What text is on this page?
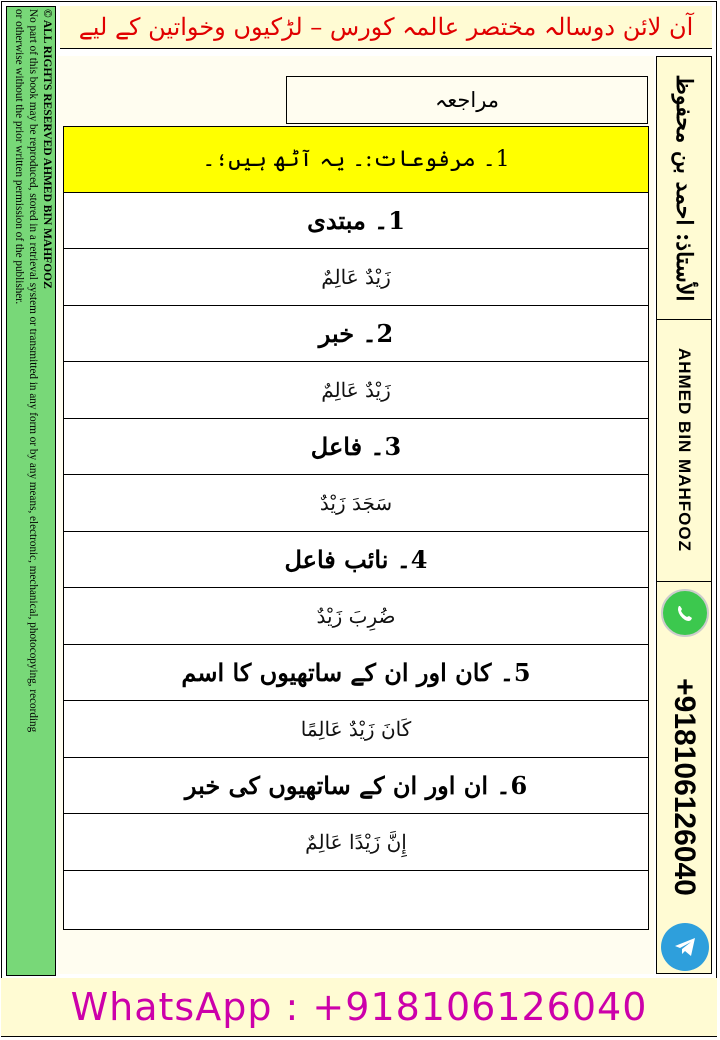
آن لائن دوسالہ مختصر عالمہ کورس – لڑکیوں وخواتین کے لیے
© ALL RIGHTS RESERVED AHMED BIN MAHFOOZ
No part of this book may be reproduced, stored in a retrieval system or transmitted in any form or by any means, electronic, mechanical, photocopying, recording
or otherwise without the prior written permission of the publisher.	مراجعہ
1۔ مرفوعات:۔ یہ آٹھ ہیں؛۔
1۔ مبتدی
زَيْدٌ عَالِمٌ
2۔ خبر
زَيْدٌ عَالِمٌ
3۔ فاعل
سَجَدَ زَيْدٌ
4۔ نائب فاعل
ضُرِبَ زَيْدٌ
5۔ کان اور ان کے ساتھیوں کا اسم
كَانَ زَيْدٌ عَالِمًا
6۔ ان اور ان کے ساتھیوں کی خبر
إِنَّ زَيْدًا عَالِمٌ
الأستاذ: احمد بن محفوظ
AHMED BIN MAHFOOZ
+918106126040
WhatsApp : +918106126040
